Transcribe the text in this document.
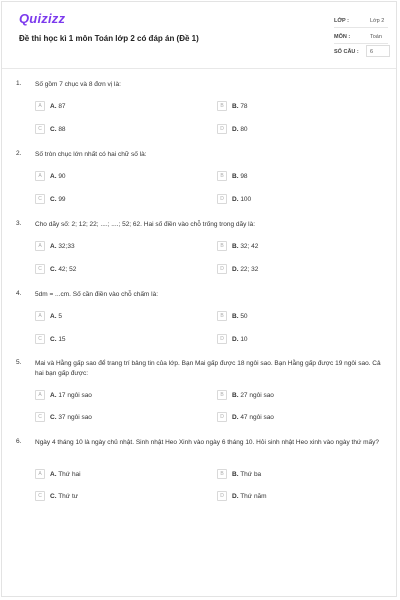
Quizizz
Đề thi học kì 1 môn Toán lớp 2 có đáp án (Đề 1)
LỚP :	Lớp 2
MÔN :	Toán
SỐ CÂU : 6
1. Số gồm 7 chục và 8 đơn vị là:
A	A. 87	B	B. 78
C	C. 88	D	D. 80
2. Số tròn chục lớn nhất có hai chữ số là:
A	A. 90	B	B. 98
C	C. 99	D	D. 100
3. Cho dãy số: 2; 12; 22; ....; ....; 52; 62. Hai số điền vào chỗ trống trong dãy là:
A	A. 32;33	B	B. 32; 42
C	C. 42; 52	D	D. 22; 32
4. 5dm = ...cm. Số cần điền vào chỗ chấm là:
A	A. 5	B	B. 50
C	C. 15	D	D. 10
5. Mai và Hằng gấp sao để trang trí bảng tin của lớp. Bạn Mai gấp được 18 ngôi sao. Bạn Hằng gấp được 19 ngôi sao. Cả hai bạn gấp được:
A	A. 17 ngôi sao	B	B. 27 ngôi sao
C	C. 37 ngôi sao	D	D. 47 ngôi sao
6. Ngày 4 tháng 10 là ngày chủ nhật. Sinh nhật Heo Xinh vào ngày 6 tháng 10. Hỏi sinh nhật Heo xinh vào ngày thứ mấy?
A	A. Thứ hai	B	B. Thứ ba
C	C. Thứ tư	D	D. Thứ năm
